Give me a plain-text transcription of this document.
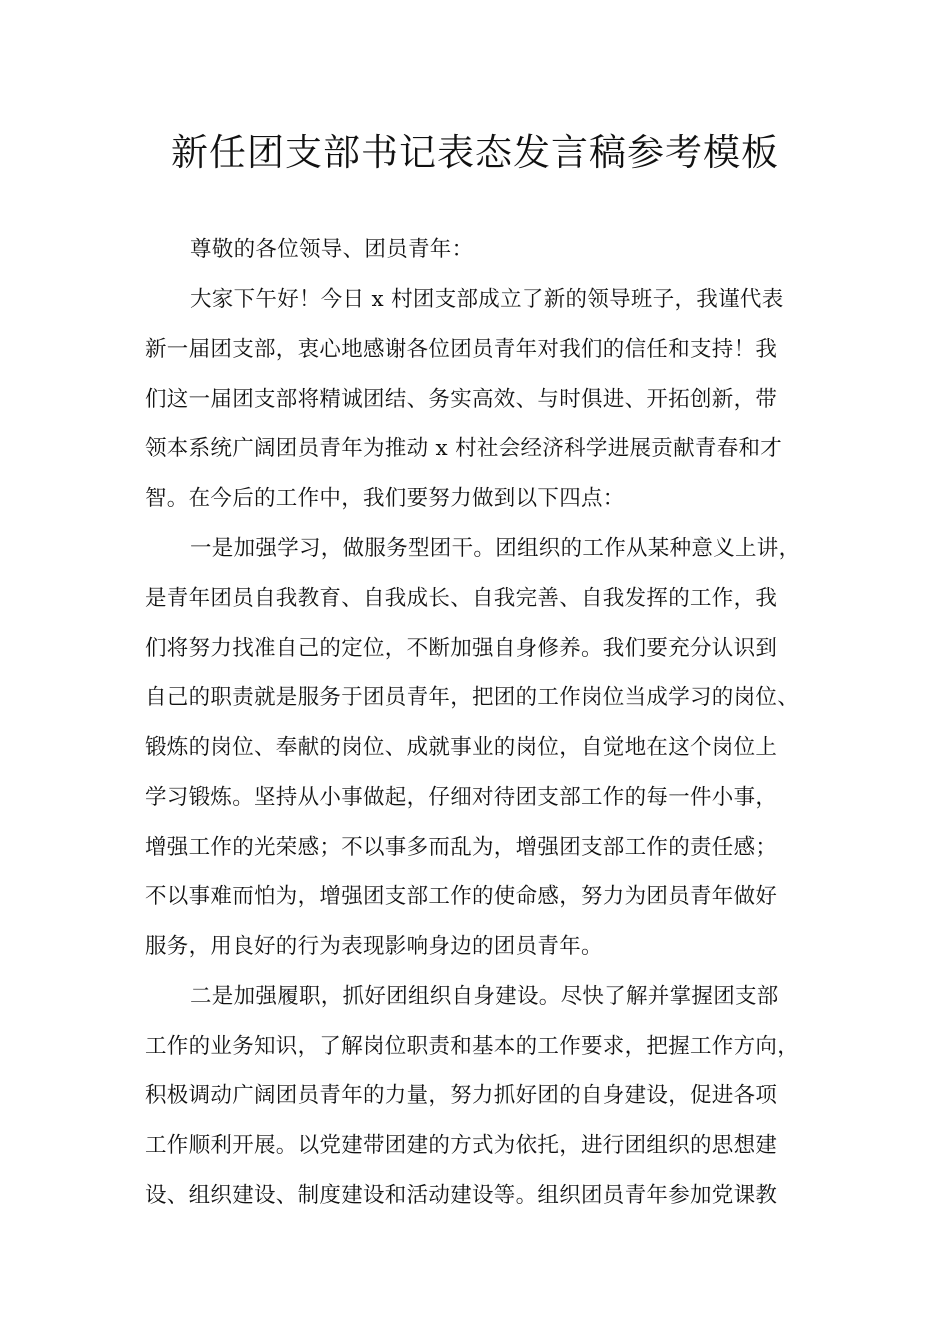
新任团支部书记表态发言稿参考模板
尊敬的各位领导、团员青年：
大家下午好！今日 x 村团支部成立了新的领导班子，我谨代表
新一届团支部，衷心地感谢各位团员青年对我们的信任和支持！我
们这一届团支部将精诚团结、务实高效、与时俱进、开拓创新，带
领本系统广阔团员青年为推动 x 村社会经济科学进展贡献青春和才
智。在今后的工作中，我们要努力做到以下四点：
一是加强学习，做服务型团干。团组织的工作从某种意义上讲，
是青年团员自我教育、自我成长、自我完善、自我发挥的工作，我
们将努力找准自己的定位，不断加强自身修养。我们要充分认识到
自己的职责就是服务于团员青年，把团的工作岗位当成学习的岗位、
锻炼的岗位、奉献的岗位、成就事业的岗位，自觉地在这个岗位上
学习锻炼。坚持从小事做起，仔细对待团支部工作的每一件小事，
增强工作的光荣感；不以事多而乱为，增强团支部工作的责任感；
不以事难而怕为，增强团支部工作的使命感，努力为团员青年做好
服务，用良好的行为表现影响身边的团员青年。
二是加强履职，抓好团组织自身建设。尽快了解并掌握团支部
工作的业务知识，了解岗位职责和基本的工作要求，把握工作方向，
积极调动广阔团员青年的力量，努力抓好团的自身建设，促进各项
工作顺利开展。以党建带团建的方式为依托，进行团组织的思想建
设、组织建设、制度建设和活动建设等。组织团员青年参加党课教
